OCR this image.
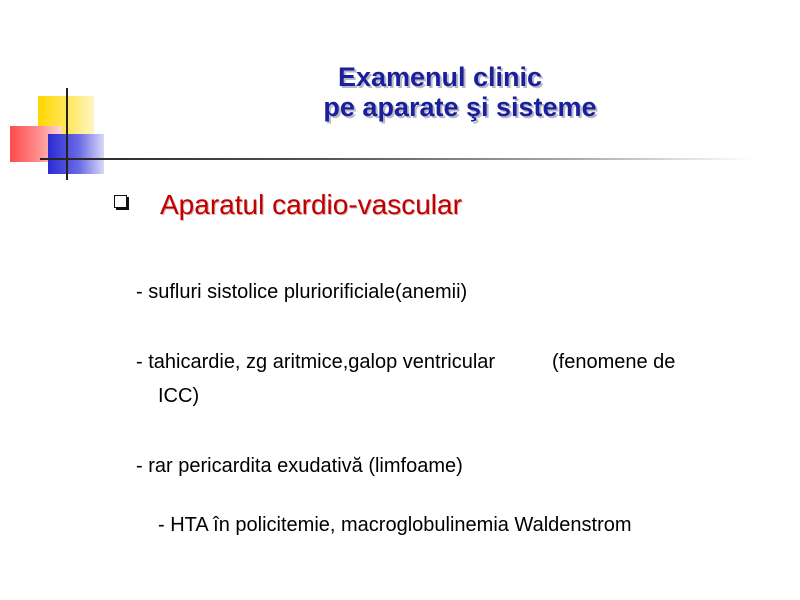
Examenul clinic
pe aparate şi sisteme
Aparatul cardio-vascular

- sufluri sistolice pluriorificiale(anemii)

- tahicardie, zg aritmice,galop ventricular	(fenomene de

ICC)

- rar pericardita exudativă (limfoame)

- HTA în policitemie, macroglobulinemia Waldenstrom
